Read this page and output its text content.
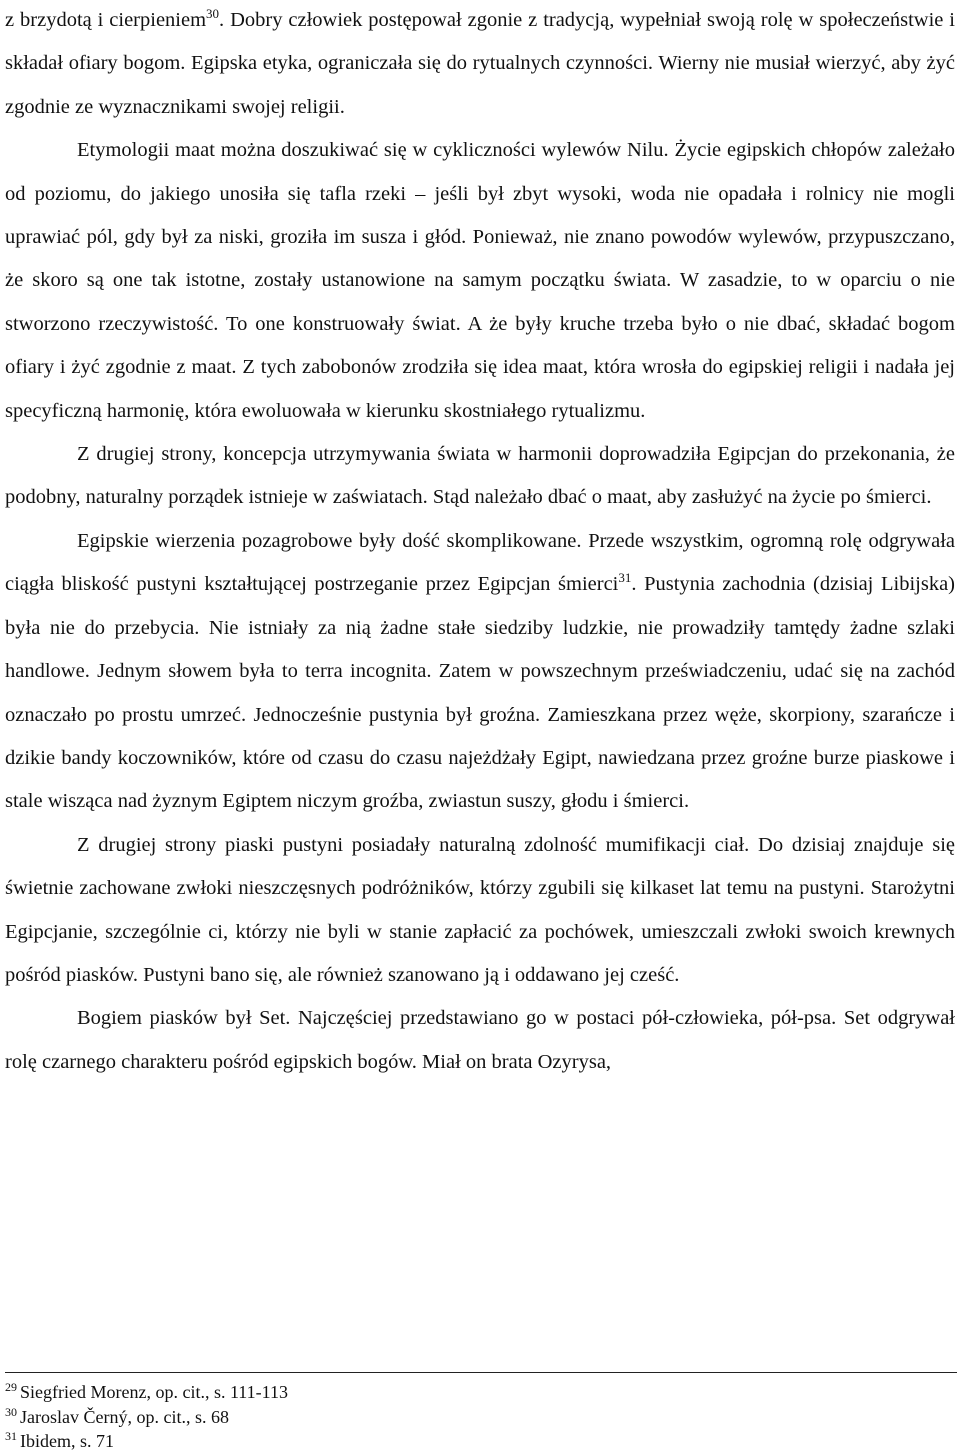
z brzydotą i cierpieniem$^{30}$. Dobry człowiek postępował zgonie z tradycją, wypełniał swoją rolę w społeczeństwie i składał ofiary bogom. Egipska etyka, ograniczała się do rytualnych czynności. Wierny nie musiał wierzyć, aby żyć zgodnie ze wyznacznikami swojej religii.

Etymologii maat można doszukiwać się w cykliczności wylewów Nilu. Życie egipskich chłopów zależało od poziomu, do jakiego unosiła się tafla rzeki – jeśli był zbyt wysoki, woda nie opadała i rolnicy nie mogli uprawiać pól, gdy był za niski, groziła im susza i głód. Ponieważ, nie znano powodów wylewów, przypuszczano, że skoro są one tak istotne, zostały ustanowione na samym początku świata. W zasadzie, to w oparciu o nie stworzono rzeczywistość. To one konstruowały świat. A że były kruche trzeba było o nie dbać, składać bogom ofiary i żyć zgodnie z maat. Z tych zabobonów zrodziła się idea maat, która wrosła do egipskiej religii i nadała jej specyficzną harmonię, która ewoluowała w kierunku skostniałego rytualizmu.

Z drugiej strony, koncepcja utrzymywania świata w harmonii doprowadziła Egipcjan do przekonania, że podobny, naturalny porządek istnieje w zaświatach. Stąd należało dbać o maat, aby zasłużyć na życie po śmierci.

Egipskie wierzenia pozagrobowe były dość skomplikowane. Przede wszystkim, ogromną rolę odgrywała ciągła bliskość pustyni kształtującej postrzeganie przez Egipcjan śmierci$^{31}$. Pustynia zachodnia (dzisiaj Libijska) była nie do przebycia. Nie istniały za nią żadne stałe siedziby ludzkie, nie prowadziły tamtędy żadne szlaki handlowe. Jednym słowem była to terra incognita. Zatem w powszechnym przeświadczeniu, udać się na zachód oznaczało po prostu umrzeć. Jednocześnie pustynia był groźna. Zamieszkana przez węże, skorpiony, szarańcze i dzikie bandy koczowników, które od czasu do czasu najeżdżały Egipt, nawiedzana przez groźne burze piaskowe i stale wisząca nad żyznym Egiptem niczym groźba, zwiastun suszy, głodu i śmierci.

Z drugiej strony piaski pustyni posiadały naturalną zdolność mumifikacji ciał. Do dzisiaj znajduje się świetnie zachowane zwłoki nieszczęsnych podróżników, którzy zgubili się kilkaset lat temu na pustyni. Starożytni Egipcjanie, szczególnie ci, którzy nie byli w stanie zapłacić za pochówek, umieszczali zwłoki swoich krewnych pośród piasków. Pustyni bano się, ale również szanowano ją i oddawano jej cześć.

Bogiem piasków był Set. Najczęściej przedstawiano go w postaci pół-człowieka, pół-psa. Set odgrywał rolę czarnego charakteru pośród egipskich bogów. Miał on brata Ozyrysa,

$^{29}$ Siegfried Morenz, op. cit., s. 111-113
$^{30}$ Jaroslav Černý, op. cit., s. 68
$^{31}$ Ibidem, s. 71
